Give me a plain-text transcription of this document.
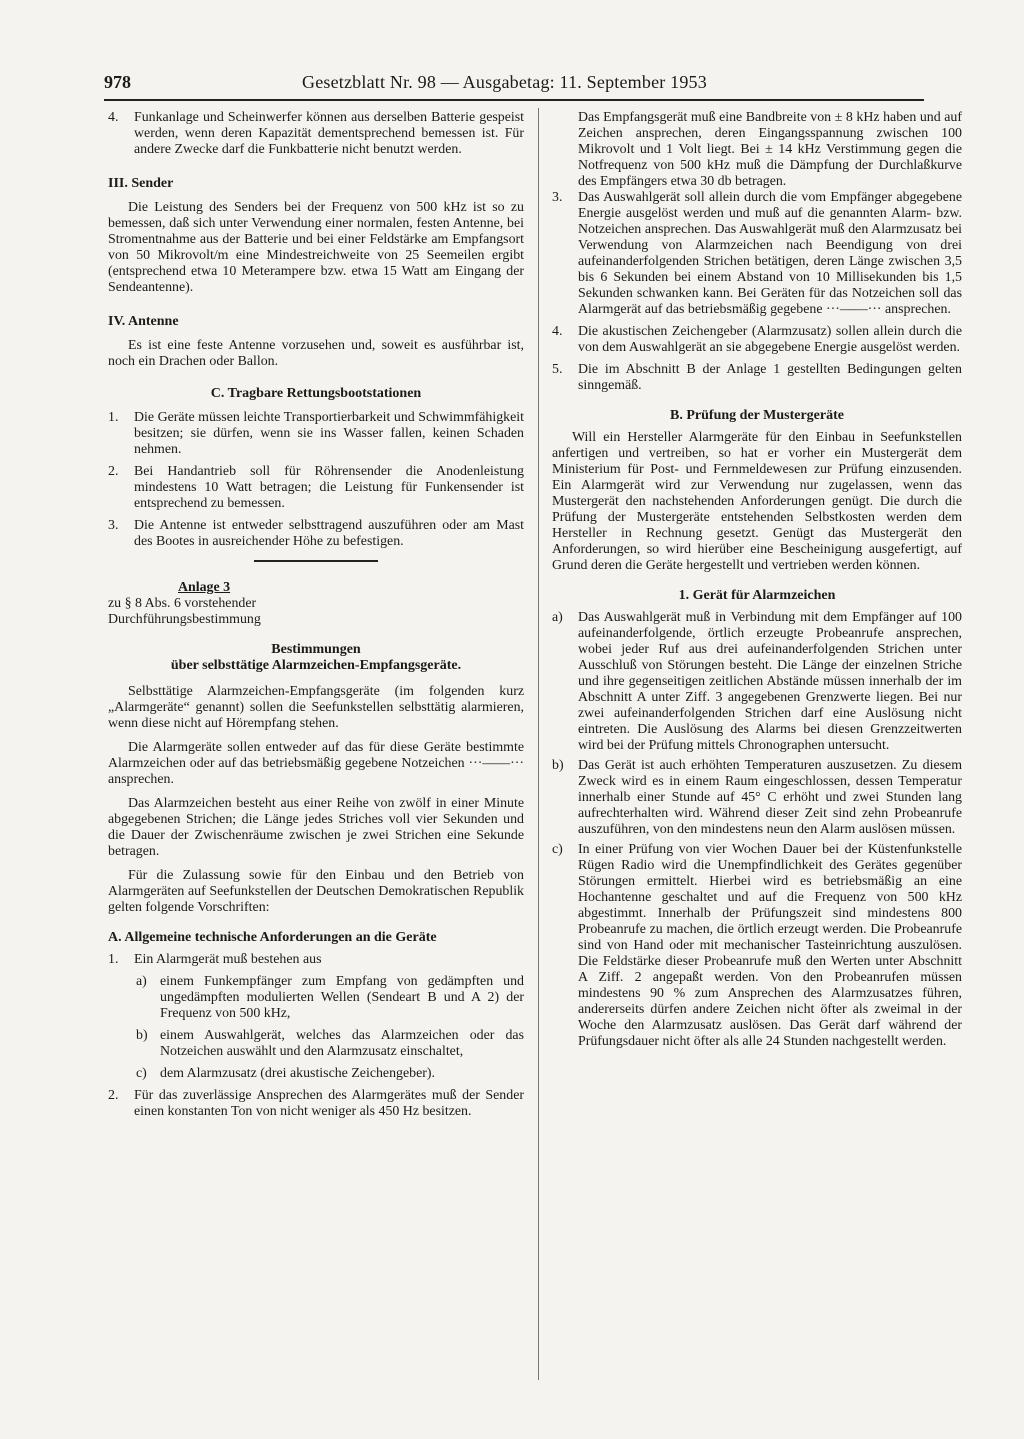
978	Gesetzblatt Nr. 98 — Ausgabetag: 11. September 1953
4.	Funkanlage und Scheinwerfer können aus derselben Batterie gespeist werden, wenn deren Kapazität dementsprechend bemessen ist. Für andere Zwecke darf die Funkbatterie nicht benutzt werden.
III. Sender

Die Leistung des Senders bei der Frequenz von 500 kHz ist so zu bemessen, daß sich unter Verwendung einer normalen, festen Antenne, bei Stromentnahme aus der Batterie und bei einer Feldstärke am Empfangsort von 50 Mikrovolt/m eine Mindestreichweite von 25 Seemeilen ergibt (entsprechend etwa 10 Meterampere bzw. etwa 15 Watt am Eingang der Sendeantenne).

IV. Antenne

Es ist eine feste Antenne vorzusehen und, soweit es ausführbar ist, noch ein Drachen oder Ballon.

C. Tragbare Rettungsbootstationen
1.	Die Geräte müssen leichte Transportierbarkeit und Schwimmfähigkeit besitzen; sie dürfen, wenn sie ins Wasser fallen, keinen Schaden nehmen.
2.	Bei Handantrieb soll für Röhrensender die Anodenleistung mindestens 10 Watt betragen; die Leistung für Funkensender ist entsprechend zu bemessen.
3.	Die Antenne ist entweder selbsttragend auszuführen oder am Mast des Bootes in ausreichender Höhe zu befestigen.
Anlage 3
zu § 8 Abs. 6 vorstehender Durchführungsbestimmung
Bestimmungen
über selbsttätige Alarmzeichen-Empfangsgeräte.

Selbsttätige Alarmzeichen-Empfangsgeräte (im folgenden kurz „Alarmgeräte“ genannt) sollen die Seefunkstellen selbsttätig alarmieren, wenn diese nicht auf Hörempfang stehen.

Die Alarmgeräte sollen entweder auf das für diese Geräte bestimmte Alarmzeichen oder auf das betriebsmäßig gegebene Notzeichen ···––––··· ansprechen.

Das Alarmzeichen besteht aus einer Reihe von zwölf in einer Minute abgegebenen Strichen; die Länge jedes Striches voll vier Sekunden und die Dauer der Zwischenräume zwischen je zwei Strichen eine Sekunde betragen.

Für die Zulassung sowie für den Einbau und den Betrieb von Alarmgeräten auf Seefunkstellen der Deutschen Demokratischen Republik gelten folgende Vorschriften:

A. Allgemeine technische Anforderungen an die Geräte
1.	Ein Alarmgerät muß bestehen aus
a) einem Funkempfänger zum Empfang von gedämpften und ungedämpften modulierten Wellen (Sendeart B und A 2) der Frequenz von 500 kHz,
b) einem Auswahlgerät, welches das Alarmzeichen oder das Notzeichen auswählt und den Alarmzusatz einschaltet,
c) dem Alarmzusatz (drei akustische Zeichengeber).
2.	Für das zuverlässige Ansprechen des Alarmgerätes muß der Sender einen konstanten Ton von nicht weniger als 450 Hz besitzen.

Das Empfangsgerät muß eine Bandbreite von ± 8 kHz haben und auf Zeichen ansprechen, deren Eingangsspannung zwischen 100 Mikrovolt und 1 Volt liegt. Bei ± 14 kHz Verstimmung gegen die Notfrequenz von 500 kHz muß die Dämpfung der Durchlaßkurve des Empfängers etwa 30 db betragen.

3.	Das Auswahlgerät soll allein durch die vom Empfänger abgegebene Energie ausgelöst werden und muß auf die genannten Alarm- bzw. Notzeichen ansprechen. Das Auswahlgerät muß den Alarmzusatz bei Verwendung von Alarmzeichen nach Beendigung von drei aufeinanderfolgenden Strichen betätigen, deren Länge zwischen 3,5 bis 6 Sekunden bei einem Abstand von 10 Millisekunden bis 1,5 Sekunden schwanken kann. Bei Geräten für das Notzeichen soll das Alarmgerät auf das betriebsmäßig gegebene ···––––··· ansprechen.
4.	Die akustischen Zeichengeber (Alarmzusatz) sollen allein durch die von dem Auswahlgerät an sie abgegebene Energie ausgelöst werden.
5.	Die im Abschnitt B der Anlage 1 gestellten Bedingungen gelten sinngemäß.
B. Prüfung der Mustergeräte

Will ein Hersteller Alarmgeräte für den Einbau in Seefunkstellen anfertigen und vertreiben, so hat er vorher ein Mustergerät dem Ministerium für Post- und Fernmeldewesen zur Prüfung einzusenden. Ein Alarmgerät wird zur Verwendung nur zugelassen, wenn das Mustergerät den nachstehenden Anforderungen genügt. Die durch die Prüfung der Mustergeräte entstehenden Selbstkosten werden dem Hersteller in Rechnung gesetzt. Genügt das Mustergerät den Anforderungen, so wird hierüber eine Bescheinigung ausgefertigt, auf Grund deren die Geräte hergestellt und vertrieben werden können.

1. Gerät für Alarmzeichen
a)	Das Auswahlgerät muß in Verbindung mit dem Empfänger auf 100 aufeinanderfolgende, örtlich erzeugte Probeanrufe ansprechen, wobei jeder Ruf aus drei aufeinanderfolgenden Strichen unter Ausschluß von Störungen besteht. Die Länge der einzelnen Striche und ihre gegenseitigen zeitlichen Abstände müssen innerhalb der im Abschnitt A unter Ziff. 3 angegebenen Grenzwerte liegen. Bei nur zwei aufeinanderfolgenden Strichen darf eine Auslösung nicht eintreten. Die Auslösung des Alarms bei diesen Grenzzeitwerten wird bei der Prüfung mittels Chronographen untersucht.
b)	Das Gerät ist auch erhöhten Temperaturen auszusetzen. Zu diesem Zweck wird es in einem Raum eingeschlossen, dessen Temperatur innerhalb einer Stunde auf 45° C erhöht und zwei Stunden lang aufrechterhalten wird. Während dieser Zeit sind zehn Probeanrufe auszuführen, von den mindestens neun den Alarm auslösen müssen.
c)	In einer Prüfung von vier Wochen Dauer bei der Küstenfunkstelle Rügen Radio wird die Unempfindlichkeit des Gerätes gegenüber Störungen ermittelt. Hierbei wird es betriebsmäßig an eine Hochantenne geschaltet und auf die Frequenz von 500 kHz abgestimmt. Innerhalb der Prüfungszeit sind mindestens 800 Probeanrufe zu machen, die örtlich erzeugt werden. Die Probeanrufe sind von Hand oder mit mechanischer Tasteinrichtung auszulösen. Die Feldstärke dieser Probeanrufe muß den Werten unter Abschnitt A Ziff. 2 angepaßt werden. Von den Probeanrufen müssen mindestens 90 % zum Ansprechen des Alarmzusatzes führen, andererseits dürfen andere Zeichen nicht öfter als zweimal in der Woche den Alarmzusatz auslösen. Das Gerät darf während der Prüfungsdauer nicht öfter als alle 24 Stunden nachgestellt werden.
